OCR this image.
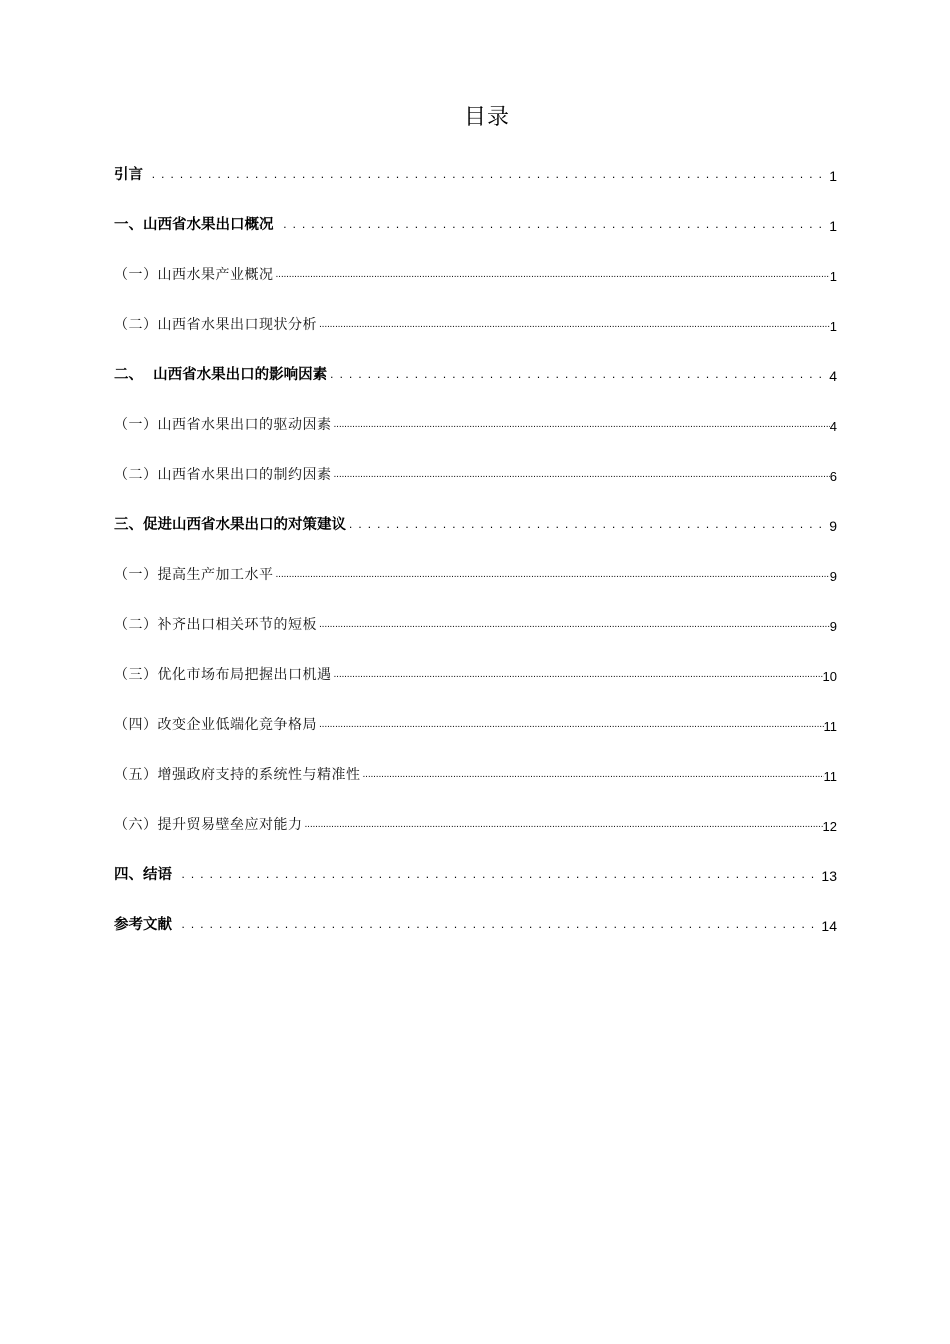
目录
引言 . . .	1
一、山西省水果出口概况 . . .	1
（一）山西水果产业概况 .....	1
（二）山西省水果出口现状分析 .....	1
二、  山西省水果出口的影响因素 . . .	4
（一）山西省水果出口的驱动因素 .....	4
（二）山西省水果出口的制约因素 .....	6
三、促进山西省水果出口的对策建议 . . .	9
（一）提高生产加工水平 .....	9
（二）补齐出口相关环节的短板 .....	9
（三）优化市场布局把握出口机遇 .....	10
（四）改变企业低端化竞争格局 .....	11
（五）增强政府支持的系统性与精准性 .....	11
（六）提升贸易壁垒应对能力 .....	12
四、结语 . . .	13
参考文献 . . .	14
